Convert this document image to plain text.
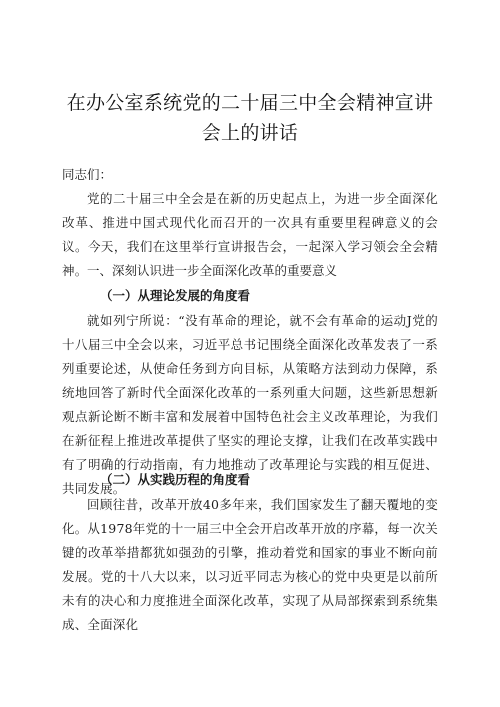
在办公室系统党的二十届三中全会精神宣讲会上的讲话
同志们：
党的二十届三中全会是在新的历史起点上，为进一步全面深化改革、推进中国式现代化而召开的一次具有重要里程碑意义的会议。今天，我们在这里举行宣讲报告会，一起深入学习领会全会精神。 一、深刻认识进一步全面深化改革的重要意义
（一）从理论发展的角度看
就如列宁所说：“没有革命的理论，就不会有革命的运动J党的十八届三中全会以来，习近平总书记围绕全面深化改革发表了一系列重要论述，从使命任务到方向目标，从策略方法到动力保障，系统地回答了新时代全面深化改革的一系列重大问题，这些新思想新观点新论断不断丰富和发展着中国特色社会主义改革理论，为我们在新征程上推进改革提供了坚实的理论支撑，让我们在改革实践中有了明确的行动指南，有力地推动了改革理论与实践的相互促进、共同发展。
（二）从实践历程的角度看
回顾往昔，改革开放40多年来，我们国家发生了翻天覆地的变化。从1978年党的十一届三中全会开启改革开放的序幕，每一次关键的改革举措都犹如强劲的引擎，推动着党和国家的事业不断向前发展。党的十八大以来，以习近平同志为核心的党中央更是以前所未有的决心和力度推进全面深化改革，实现了从局部探索到系统集成、全面深化
